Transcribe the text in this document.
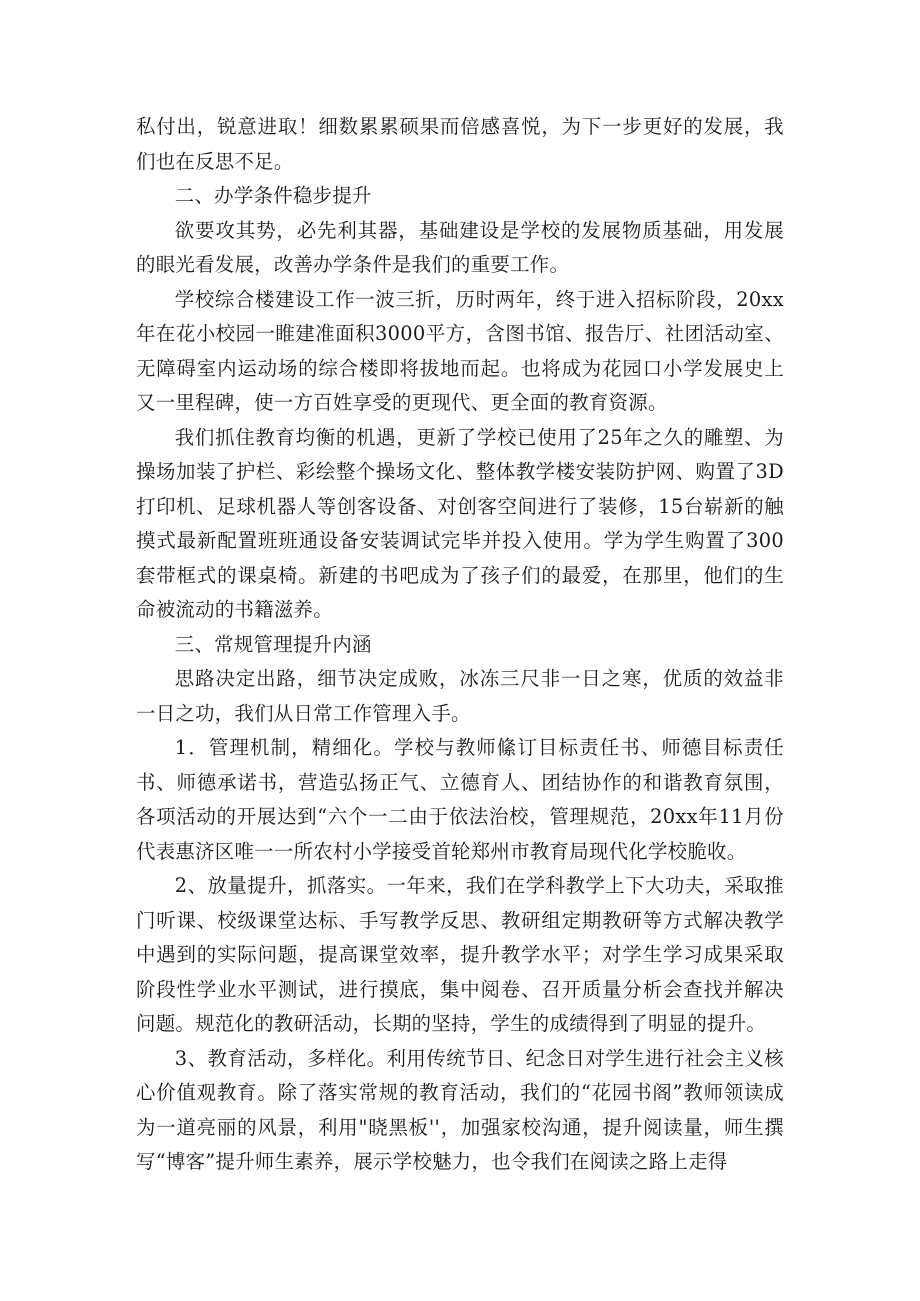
私付出，锐意进取！细数累累硕果而倍感喜悦，为下一步更好的发展，我们也在反思不足。

二、办学条件稳步提升

欲要攻其势，必先利其器，基础建设是学校的发展物质基础，用发展的眼光看发展，改善办学条件是我们的重要工作。

学校综合楼建设工作一波三折，历时两年，终于进入招标阶段，20xx年在花小校园一睢建准面积3000平方，含图书馆、报告厅、社团活动室、无障碍室内运动场的综合楼即将拔地而起。也将成为花园口小学发展史上又一里程碑，使一方百姓享受的更现代、更全面的教育资源。

我们抓住教育均衡的机遇，更新了学校已使用了25年之久的雕塑、为操场加装了护栏、彩绘整个操场文化、整体教学楼安装防护网、购置了3D打印机、足球机器人等创客设备、对创客空间进行了装修，15台崭新的触摸式最新配置班班通设备安装调试完毕并投入使用。学为学生购置了300套带框式的课桌椅。新建的书吧成为了孩子们的最爱，在那里，他们的生命被流动的书籍滋养。

三、常规管理提升内涵

思路决定出路，细节决定成败，冰冻三尺非一日之寒，优质的效益非一日之功，我们从日常工作管理入手。

1．管理机制，精细化。学校与教师絛订目标责任书、师德目标责任书、师德承诺书，营造弘扬正气、立德育人、团结协作的和谐教育氛围，各项活动的开展达到“六个一二由于依法治校，管理规范，20xx年11月份代表惠济区唯一一所农村小学接受首轮郑州市教育局现代化学校脆收。

2、放量提升，抓落实。一年来，我们在学科教学上下大功夫，采取推门听课、校级课堂达标、手写教学反思、教研组定期教研等方式解决教学中遇到的实际问题，提高课堂效率，提升教学水平；对学生学习成果采取阶段性学业水平测试，进行摸底，集中阅卷、召开质量分析会查找并解决问题。规范化的教研活动，长期的坚持，学生的成绩得到了明显的提升。

3、教育活动，多样化。利用传统节日、纪念日对学生进行社会主义核心价值观教育。除了落实常规的教育活动，我们的“花园书阁”教师领读成为一道亮丽的风景，利用"晓黑板''，加强家校沟通，提升阅读量，师生撰写“博客”提升师生素养，展示学校魅力，也令我们在阅读之路上走得
